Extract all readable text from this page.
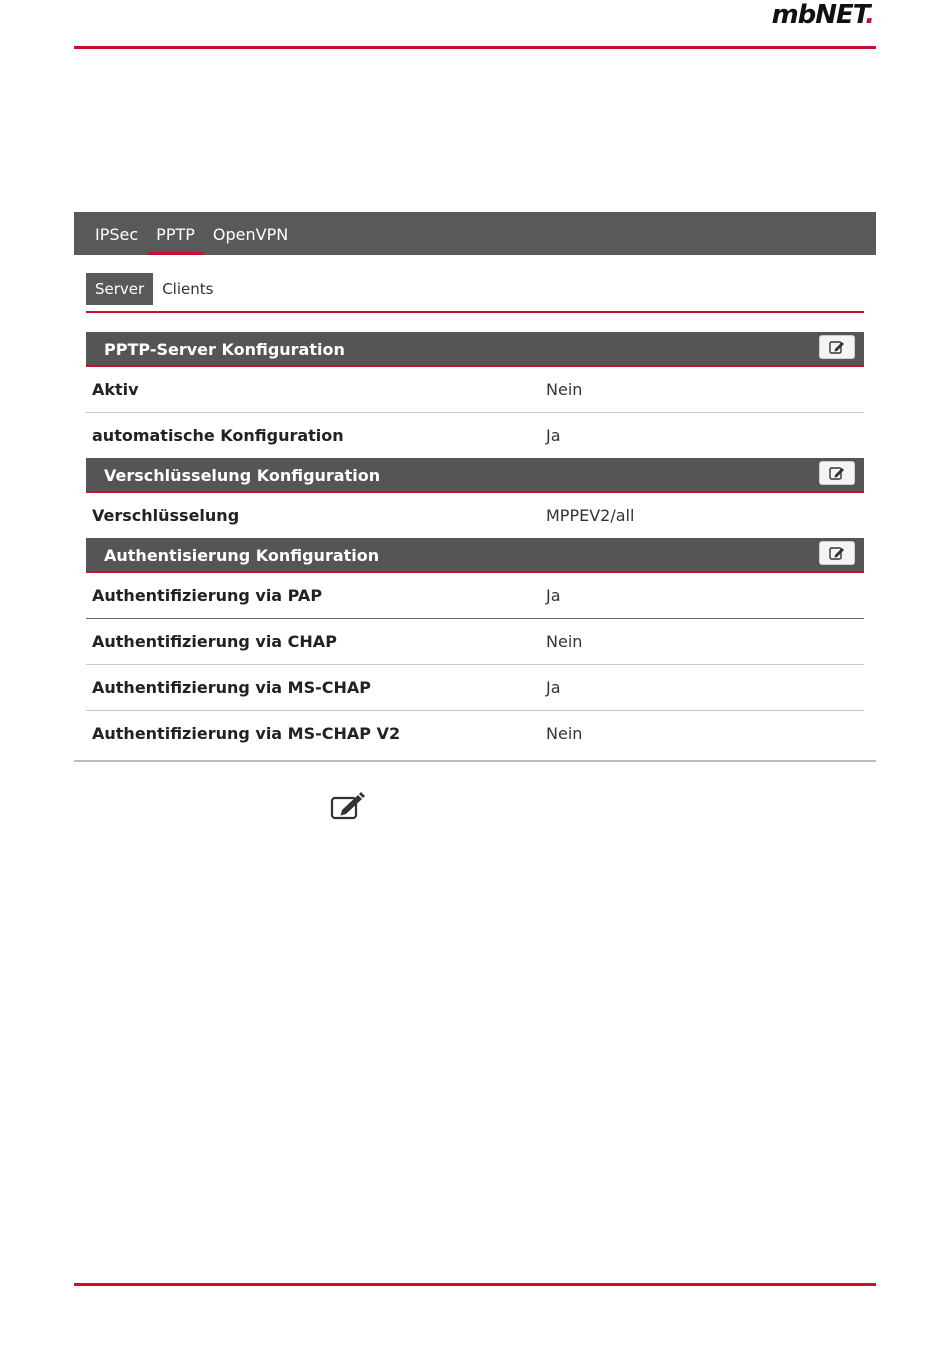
mbNET.
IPSec	PPTP	OpenVPN
Server	Clients
PPTP-Server Konfiguration
Aktiv	Nein
automatische Konfiguration	Ja
Verschlüsselung Konfiguration
Verschlüsselung	MPPEV2/all
Authentisierung Konfiguration
Authentifizierung via PAP	Ja
Authentifizierung via CHAP	Nein
Authentifizierung via MS-CHAP	Ja
Authentifizierung via MS-CHAP V2	Nein
